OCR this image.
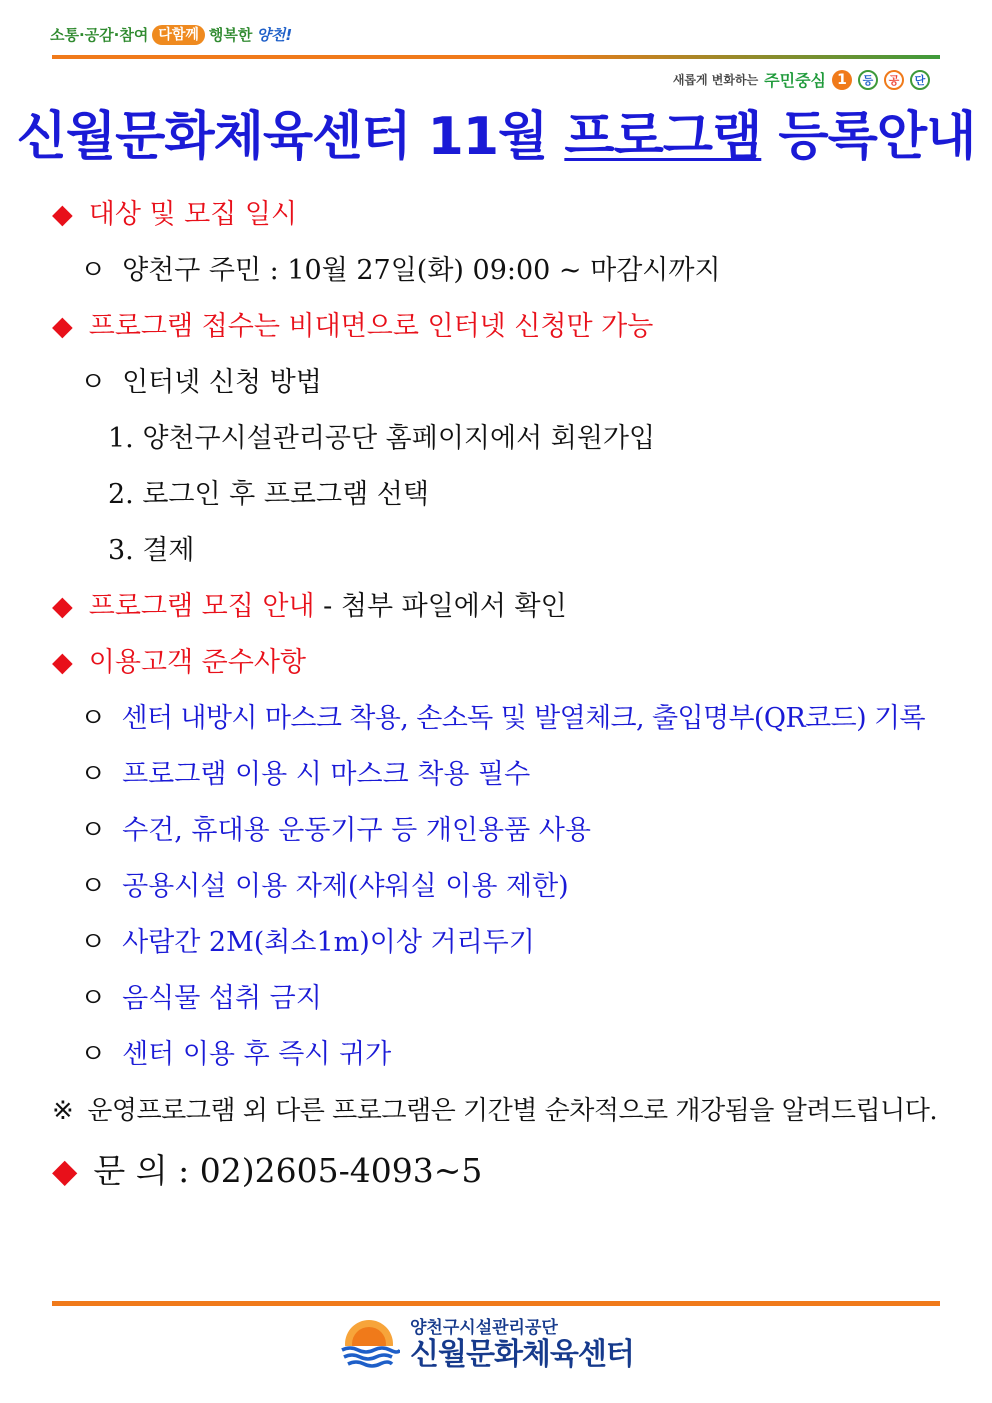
소통·공감·참여 다함께 행복한 양천!
새롭게 변화하는 주민중심 1	등	공	단
신월문화체육센터 11월 프로그램 등록안내
◆ 대상 및 모집 일시
ㅇ 양천구 주민 : 10월 27일(화) 09:00 ~ 마감시까지
◆ 프로그램 접수는 비대면으로 인터넷 신청만 가능
ㅇ 인터넷 신청 방법
1. 양천구시설관리공단 홈페이지에서 회원가입
2. 로그인 후 프로그램 선택
3. 결제
◆ 프로그램 모집 안내 - 첨부 파일에서 확인
◆ 이용고객 준수사항
ㅇ 센터 내방시 마스크 착용, 손소독 및 발열체크, 출입명부(QR코드) 기록
ㅇ 프로그램 이용 시 마스크 착용 필수
ㅇ 수건, 휴대용 운동기구 등 개인용품 사용
ㅇ 공용시설 이용 자제(샤워실 이용 제한)
ㅇ 사람간 2M(최소1m)이상 거리두기
ㅇ 음식물 섭취 금지
ㅇ 센터 이용 후 즉시 귀가
※ 운영프로그램 외 다른 프로그램은 기간별 순차적으로 개강됨을 알려드립니다.
◆ 문 의 : 02)2605-4093~5
양천구시설관리공단
신월문화체육센터
